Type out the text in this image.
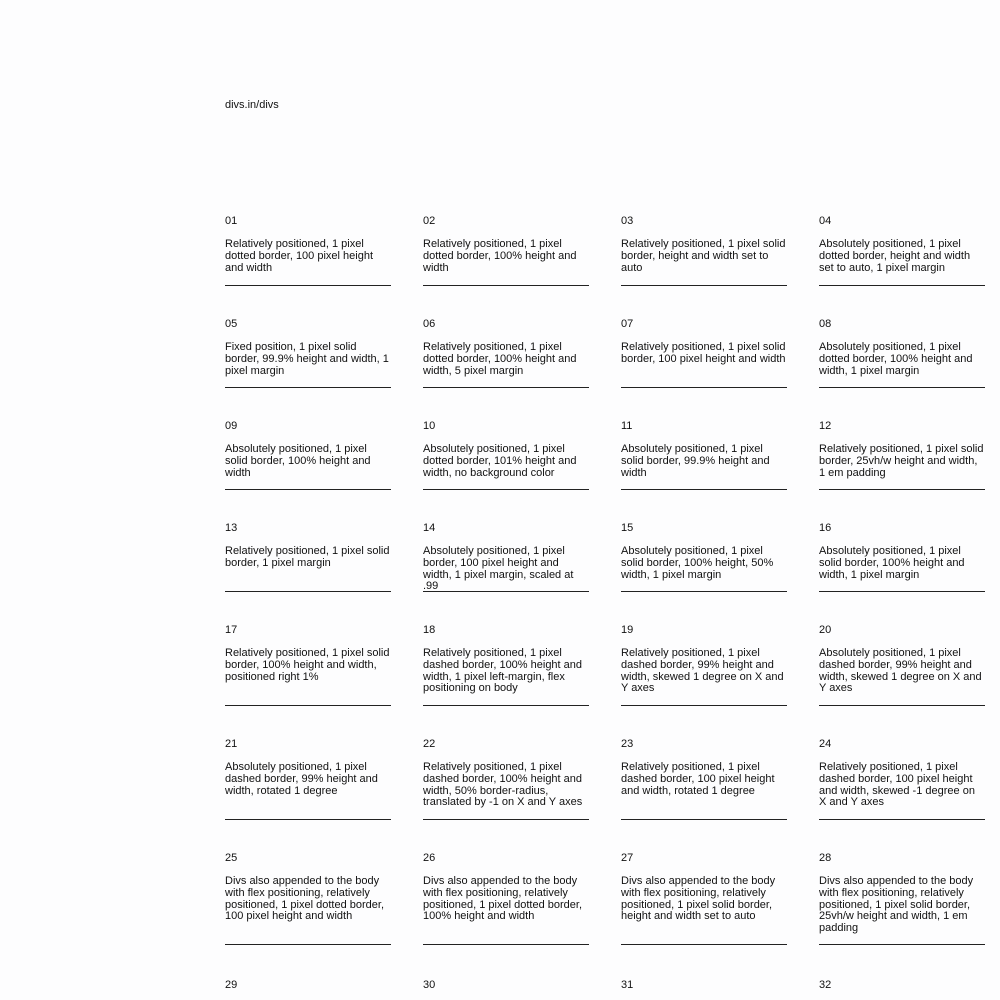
divs.in/divs
01
Relatively positioned, 1 pixel dotted border, 100 pixel height and width
02
Relatively positioned, 1 pixel dotted border, 100% height and width
03
Relatively positioned, 1 pixel solid border, height and width set to auto
04
Absolutely positioned, 1 pixel dotted border, height and width set to auto, 1 pixel margin
05
Fixed position, 1 pixel solid border, 99.9% height and width, 1 pixel margin
06
Relatively positioned, 1 pixel dotted border, 100% height and width, 5 pixel margin
07
Relatively positioned, 1 pixel solid border, 100 pixel height and width
08
Absolutely positioned, 1 pixel dotted border, 100% height and width, 1 pixel margin
09
Absolutely positioned, 1 pixel solid border, 100% height and width
10
Absolutely positioned, 1 pixel dotted border, 101% height and width, no background color
11
Absolutely positioned, 1 pixel solid border, 99.9% height and width
12
Relatively positioned, 1 pixel solid border, 25vh/w height and width, 1 em padding
13
Relatively positioned, 1 pixel solid border, 1 pixel margin
14
Absolutely positioned, 1 pixel border, 100 pixel height and width, 1 pixel margin, scaled at .99
15
Absolutely positioned, 1 pixel solid border, 100% height, 50% width, 1 pixel margin
16
Absolutely positioned, 1 pixel solid border, 100% height and width, 1 pixel margin
17
Relatively positioned, 1 pixel solid border, 100% height and width, positioned right 1%
18
Relatively positioned, 1 pixel dashed border, 100% height and width, 1 pixel left-margin, flex positioning on body
19
Relatively positioned, 1 pixel dashed border, 99% height and width, skewed 1 degree on X and Y axes
20
Absolutely positioned, 1 pixel dashed border, 99% height and width, skewed 1 degree on X and Y axes
21
Absolutely positioned, 1 pixel dashed border, 99% height and width, rotated 1 degree
22
Relatively positioned, 1 pixel dashed border, 100% height and width, 50% border-radius, translated by -1 on X and Y axes
23
Relatively positioned, 1 pixel dashed border, 100 pixel height and width, rotated 1 degree
24
Relatively positioned, 1 pixel dashed border, 100 pixel height and width, skewed -1 degree on X and Y axes
25
Divs also appended to the body with flex positioning, relatively positioned, 1 pixel dotted border, 100 pixel height and width
26
Divs also appended to the body with flex positioning, relatively positioned, 1 pixel dotted border, 100% height and width
27
Divs also appended to the body with flex positioning, relatively positioned, 1 pixel solid border, height and width set to auto
28
Divs also appended to the body with flex positioning, relatively positioned, 1 pixel solid border, 25vh/w height and width, 1 em padding
29	30	31	32
